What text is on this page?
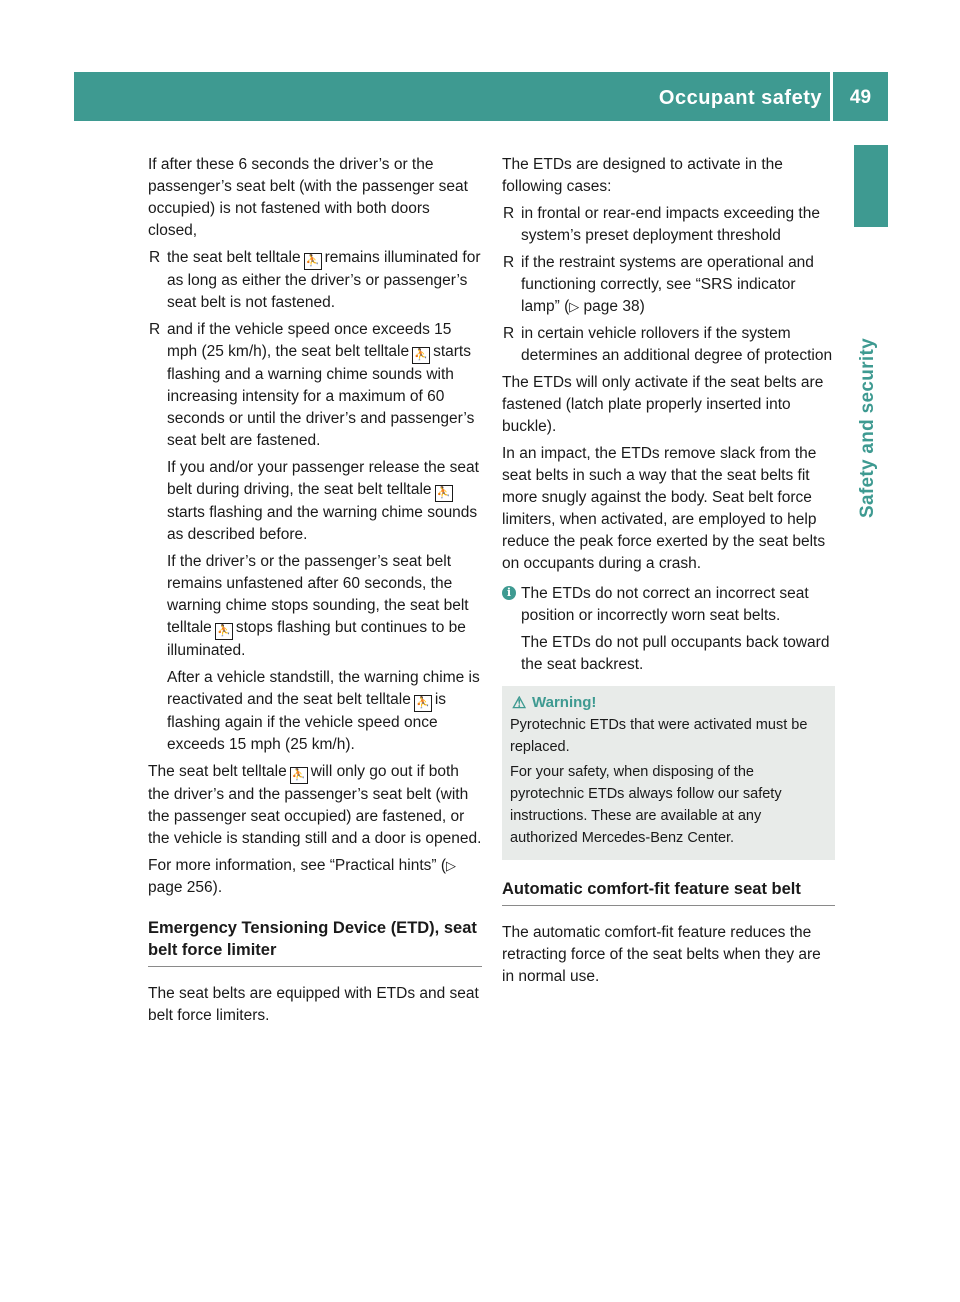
Occupant safety	49
Safety and security

If after these 6 seconds the driver’s or the passenger’s seat belt (with the passenger seat occupied) is not fastened with both doors closed,

R the seat belt telltale ⛹ remains illuminated for as long as either the driver’s or passenger’s seat belt is not fastened.
R and if the vehicle speed once exceeds 15 mph (25 km/h), the seat belt telltale ⛹ starts flashing and a warning chime sounds with increasing intensity for a maximum of 60 seconds or until the driver’s and passenger’s seat belt are fastened.

If you and/or your passenger release the seat belt during driving, the seat belt telltale ⛹starts flashing and the warning chime sounds as described before.

If the driver’s or the passenger’s seat belt remains unfastened after 60 seconds, the warning chime stops sounding, the seat belt telltale ⛹ stops flashing but continues to be illuminated.

After a vehicle standstill, the warning chime is reactivated and the seat belt telltale ⛹ is flashing again if the vehicle speed once exceeds 15 mph (25 km/h).

The seat belt telltale ⛹ will only go out if both the driver’s and the passenger’s seat belt (with the passenger seat occupied) are fastened, or the vehicle is standing still and a door is opened.

For more information, see “Practical hints” (▷ page 256).

Emergency Tensioning Device (ETD), seat belt force limiter

The seat belts are equipped with ETDs and seat belt force limiters.

The ETDs are designed to activate in the following cases:

R in frontal or rear-end impacts exceeding the system’s preset deployment threshold
R if the restraint systems are operational and functioning correctly, see “SRS indicator lamp” (▷ page 38)
R in certain vehicle rollovers if the system determines an additional degree of protection

The ETDs will only activate if the seat belts are fastened (latch plate properly inserted into buckle).

In an impact, the ETDs remove slack from the seat belts in such a way that the seat belts fit more snugly against the body. Seat belt force limiters, when activated, are employed to help reduce the peak force exerted by the seat belts on occupants during a crash.

i The ETDs do not correct an incorrect seat position or incorrectly worn seat belts.

The ETDs do not pull occupants back toward the seat backrest.

⚠ Warning!

Pyrotechnic ETDs that were activated must be replaced.

For your safety, when disposing of the pyrotechnic ETDs always follow our safety instructions. These are available at any authorized Mercedes-Benz Center.

Automatic comfort-fit feature seat belt

The automatic comfort-fit feature reduces the retracting force of the seat belts when they are in normal use.
